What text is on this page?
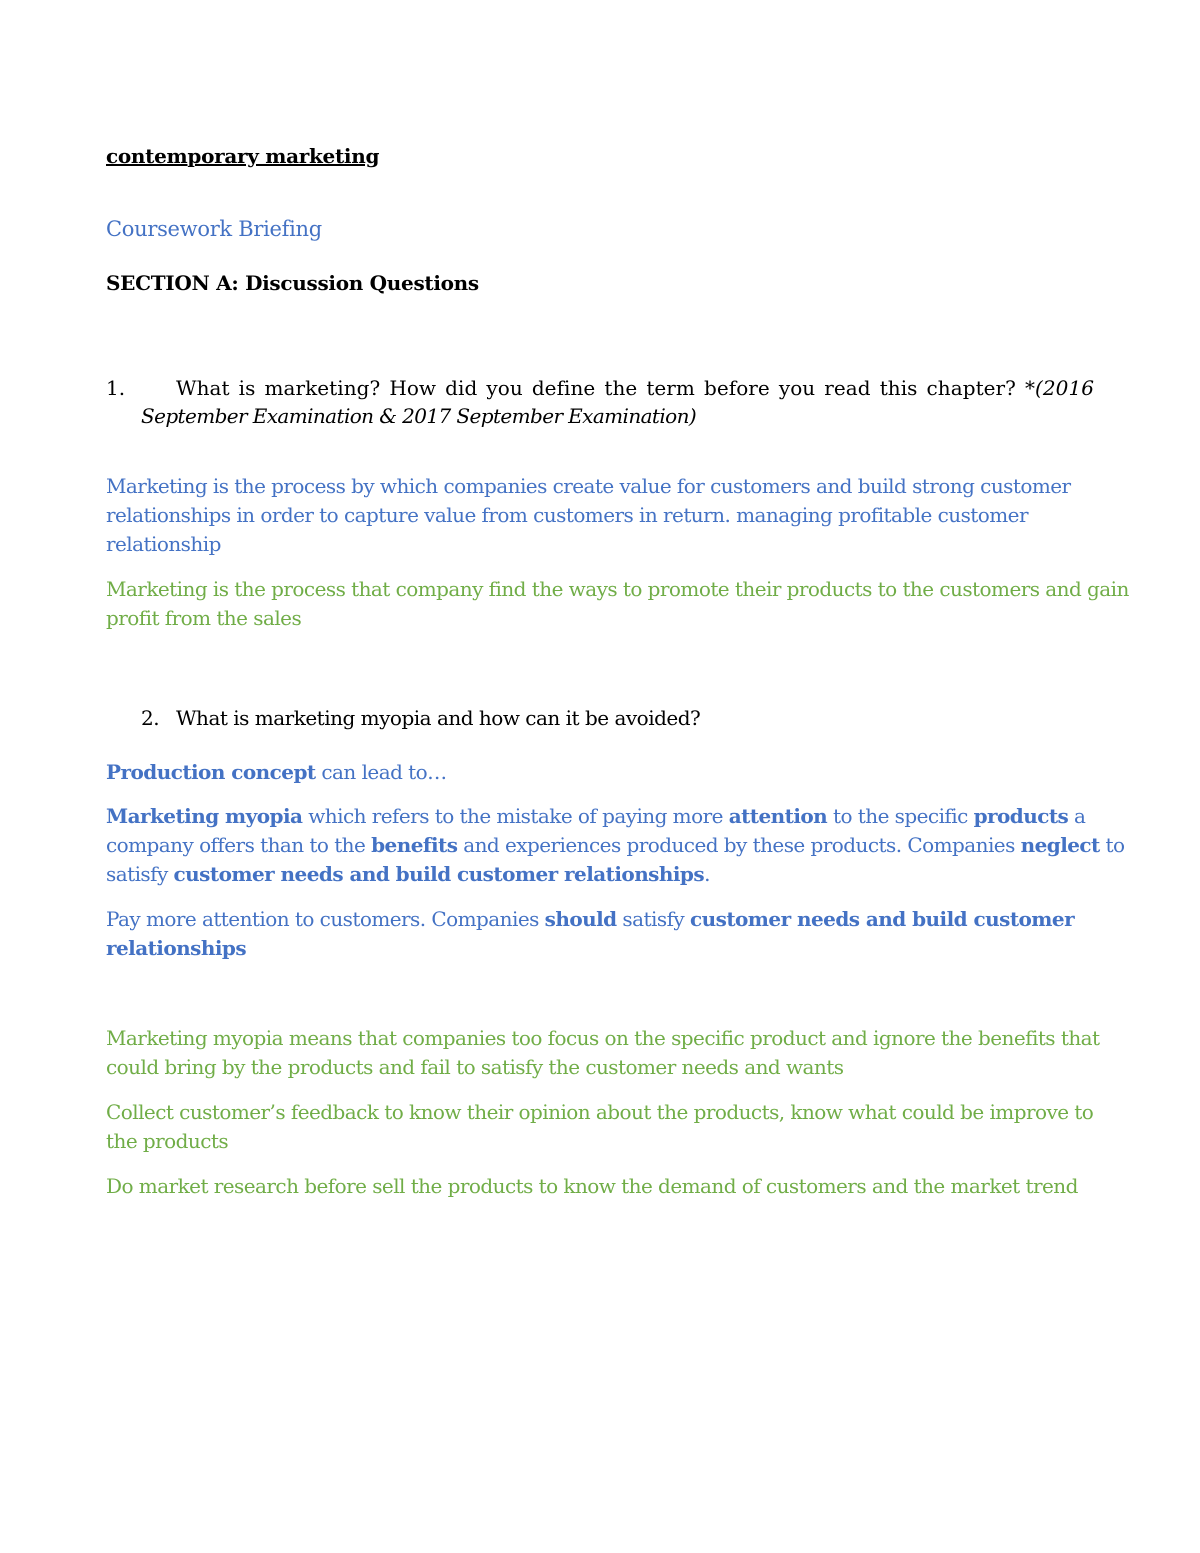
contemporary marketing
Coursework Briefing
SECTION A: Discussion Questions
1.	What is marketing? How did you define the term before you read this chapter? *(2016
September Examination & 2017 September Examination)
Marketing is the process by which companies create value for customers and build strong customer
relationships in order to capture value from customers in return. managing profitable customer
relationship
Marketing is the process that company find the ways to promote their products to the customers and gain
profit from the sales
2. What is marketing myopia and how can it be avoided?
Production concept can lead to…
Marketing myopia which refers to the mistake of paying more attention to the specific products a
company offers than to the benefits and experiences produced by these products. Companies neglect to
satisfy customer needs and build customer relationships.
Pay more attention to customers. Companies should satisfy customer needs and build customer
relationships
Marketing myopia means that companies too focus on the specific product and ignore the benefits that
could bring by the products and fail to satisfy the customer needs and wants
Collect customer’s feedback to know their opinion about the products, know what could be improve to
the products
Do market research before sell the products to know the demand of customers and the market trend
